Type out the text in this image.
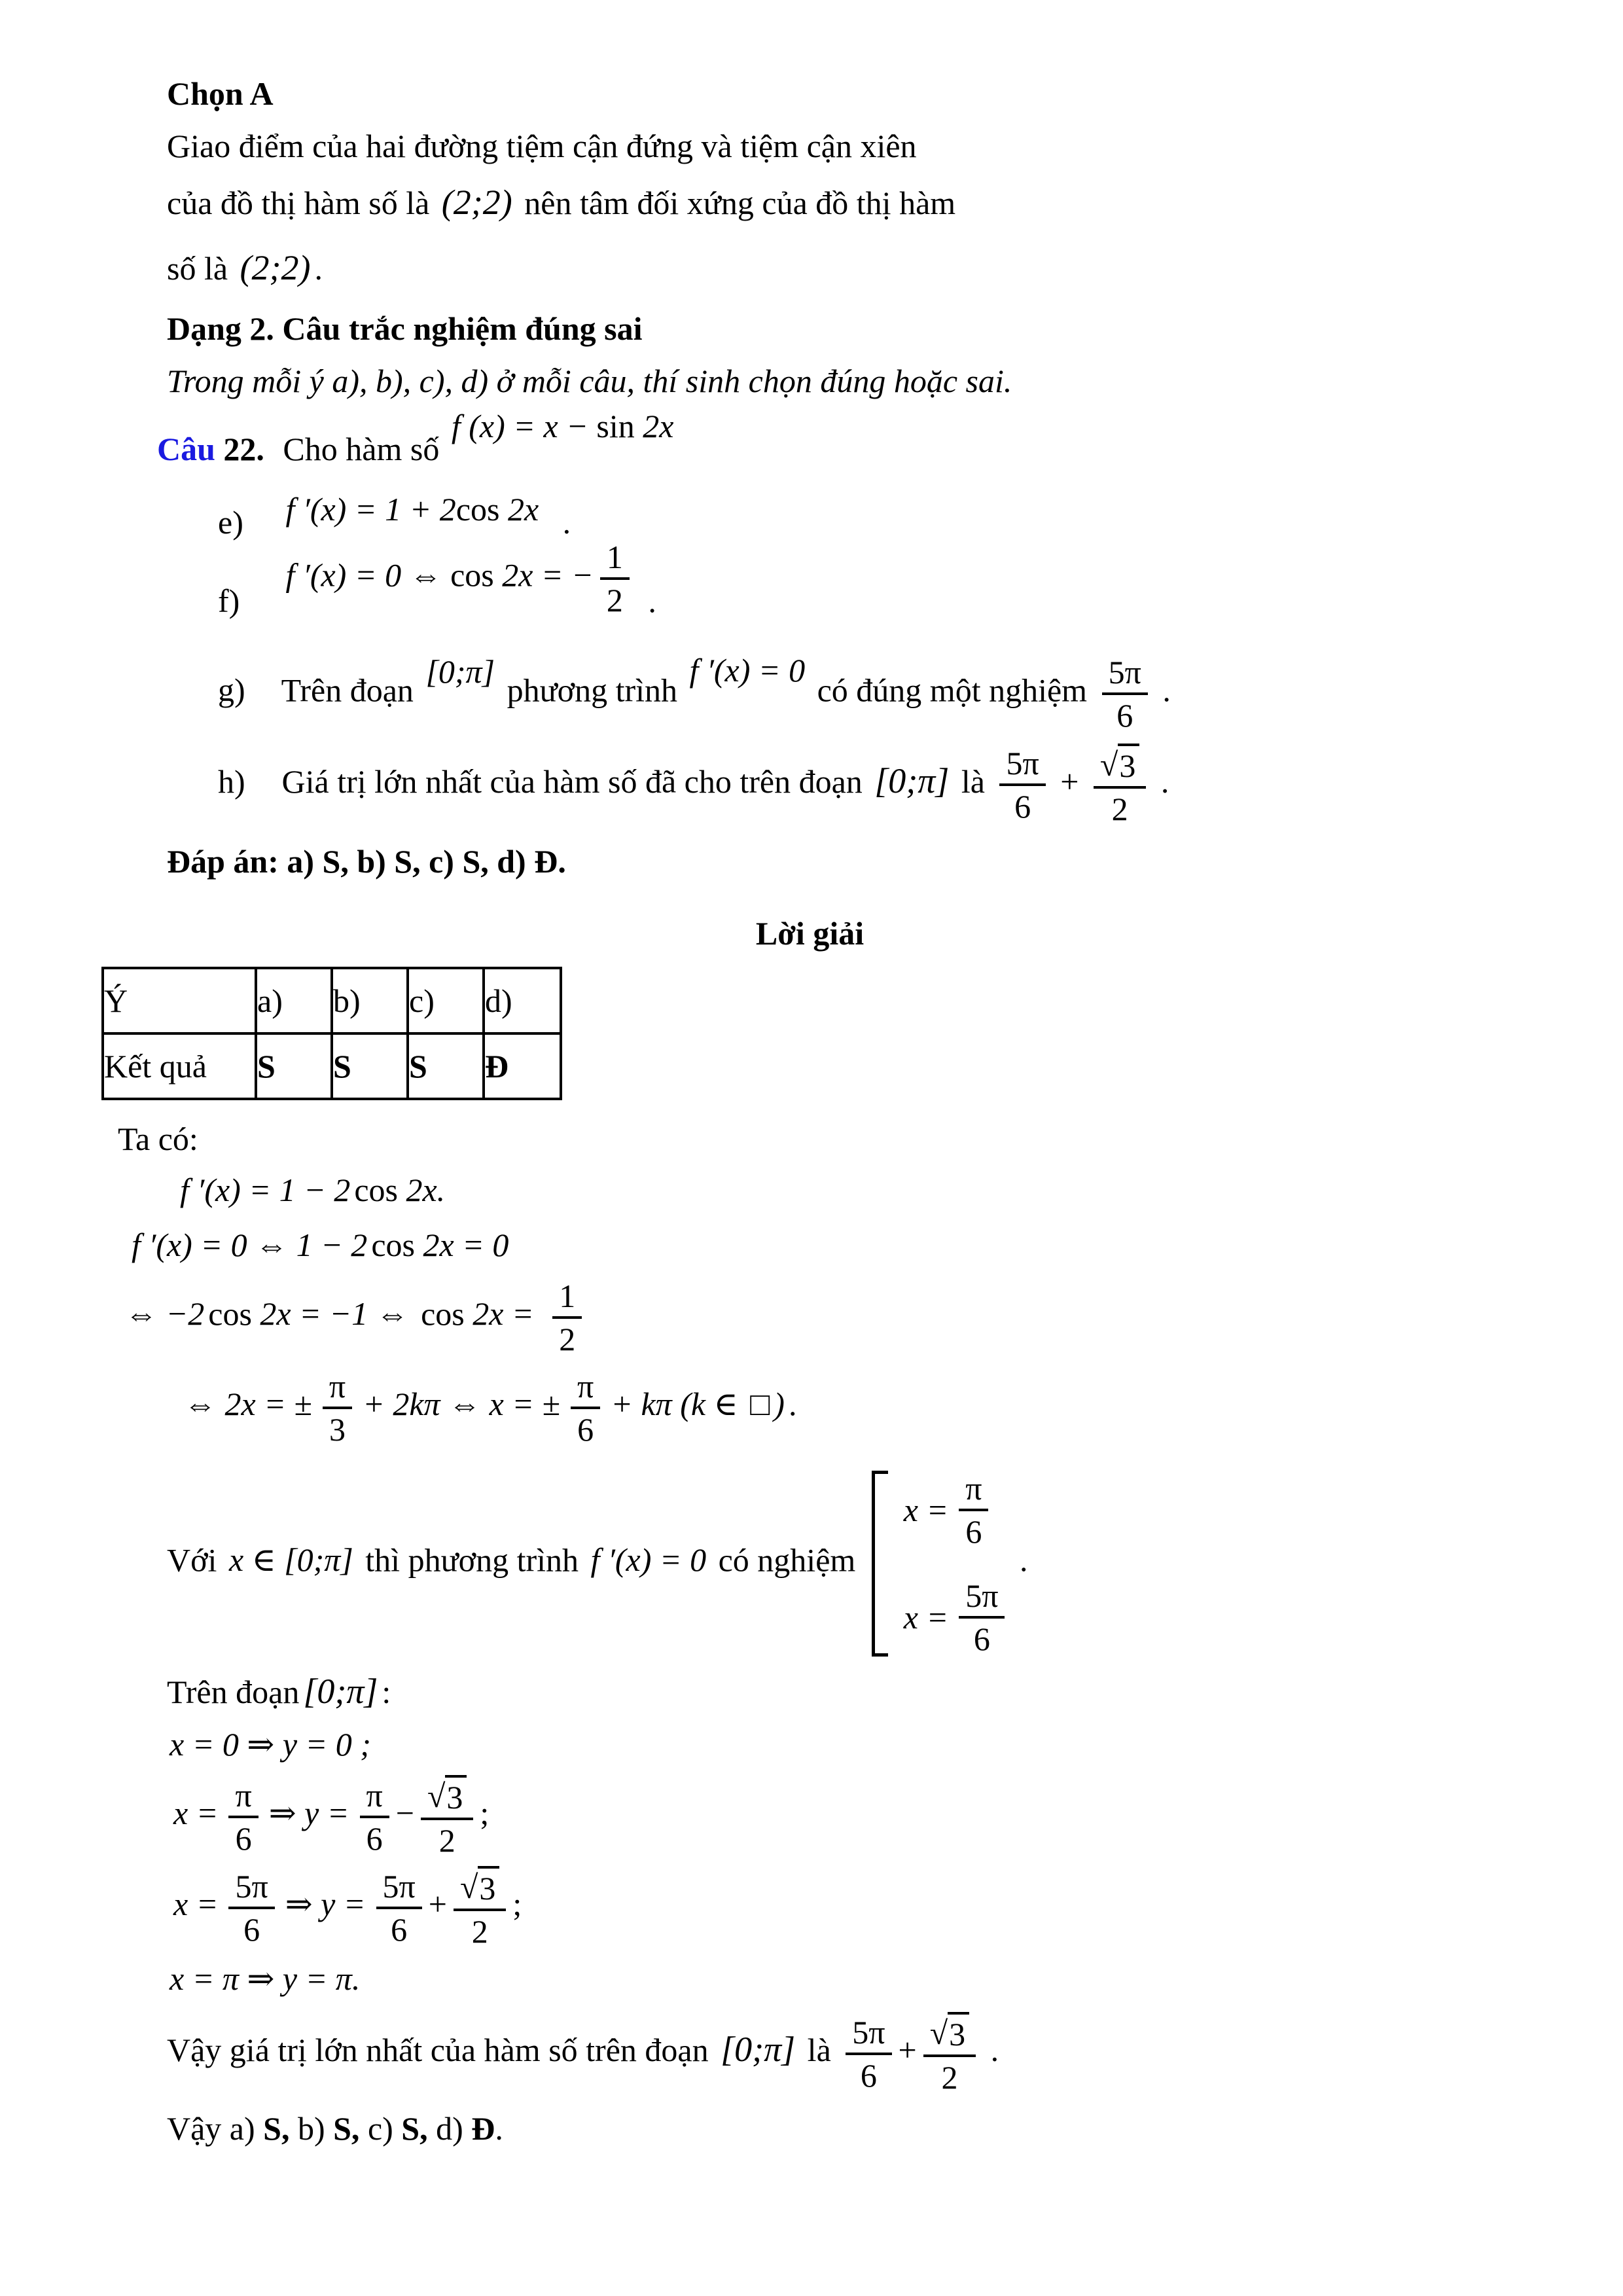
Chọn A
Giao điểm của hai đường tiệm cận đứng và tiệm cận xiên
của đồ thị hàm số là (2;2) nên tâm đối xứng của đồ thị hàm
số là (2;2) .
Dạng 2. Câu trắc nghiệm đúng sai
Trong mỗi ý a), b), c), d) ở mỗi câu, thí sinh chọn đúng hoặc sai.
Câu 22. Cho hàm số f (x) = x − sin 2x
e) f ′(x) = 1 + 2cos 2x .
f) f ′(x) = 0 ⇔ cos 2x = − $\frac{1}{2}$ .
g) Trên đoạn [0;π] phương trình f ′(x) = 0 có đúng một nghiệm $\frac{5\pi}{6}$ .
h) Giá trị lớn nhất của hàm số đã cho trên đoạn [0;π] là $\frac{5\pi}{6} + \frac{√3}{2}$ .
Đáp án: a) S, b) S, c) S, d) Đ.
Lời giải
Ý	a)	b)	c)	d)
Kết quả	S	S	S	Đ
Ta có:
f ′(x) = 1 − 2 cos 2x.
f ′(x) = 0 ⇔ 1 − 2 cos 2x = 0
⇔ −2 cos 2x = −1 ⇔ $\cos 2x = \frac{1}{2}$
⇔ 2x = ± $\frac{\pi}{3} + 2k\pi$ ⇔ x = ± $\frac{\pi}{6} + k\pi$ (k ∈ □ ) .
Với x ∈ [0;π] thì phương trình f ′(x) = 0 có nghiệm
$x = \frac{\pi}{6}$
$x = \frac{5\pi}{6}$
.
Trên đoạn [0;π] :
x = 0 ⇒ y = 0 ;
$x = \frac{\pi}{6}$ ⇒ $y = \frac{\pi}{6} - \frac{√3}{2}$ ;
$x = \frac{5\pi}{6}$ ⇒ $y = \frac{5\pi}{6} + \frac{√3}{2}$ ;
x = π ⇒ y = π.
Vậy giá trị lớn nhất của hàm số trên đoạn [0;π] là $\frac{5\pi}{6} + \frac{√3}{2}$ .
Vậy a) S, b) S, c) S, d) Đ.
